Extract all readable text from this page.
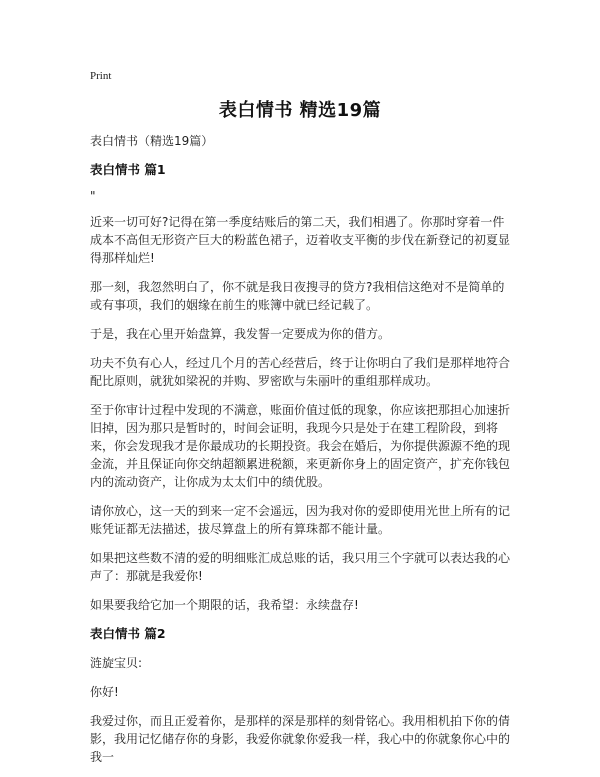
Print
表白情书 精选19篇

表白情书（精选19篇）

表白情书 篇1
"

近来一切可好?记得在第一季度结账后的第二天，我们相遇了。你那时穿着一件成本不高但无形资产巨大的粉蓝色裙子，迈着收支平衡的步伐在新登记的初夏显得那样灿烂!

那一刻，我忽然明白了，你不就是我日夜搜寻的贷方?我相信这绝对不是简单的或有事项，我们的姻缘在前生的账簿中就已经记载了。

于是，我在心里开始盘算，我发誓一定要成为你的借方。

功夫不负有心人，经过几个月的苦心经营后，终于让你明白了我们是那样地符合配比原则，就犹如梁祝的并购、罗密欧与朱丽叶的重组那样成功。

至于你审计过程中发现的不满意，账面价值过低的现象，你应该把那担心加速折旧掉，因为那只是暂时的，时间会证明，我现今只是处于在建工程阶段，到将来，你会发现我才是你最成功的长期投资。我会在婚后，为你提供源源不绝的现金流，并且保证向你交纳超额累进税额，来更新你身上的固定资产，扩充你钱包内的流动资产，让你成为太太们中的绩优股。

请你放心，这一天的到来一定不会遥远，因为我对你的爱即使用光世上所有的记账凭证都无法描述，拔尽算盘上的所有算珠都不能计量。

如果把这些数不清的爱的明细账汇成总账的话，我只用三个字就可以表达我的心声了：那就是我爱你!

如果要我给它加一个期限的话，我希望：永续盘存!

表白情书 篇2

涟旋宝贝:

你好!

我爱过你，而且正爱着你，是那样的深是那样的刻骨铭心。我用相机拍下你的倩影，我用记忆储存你的身影，我爱你就象你爱我一样，我心中的你就象你心中的我一
